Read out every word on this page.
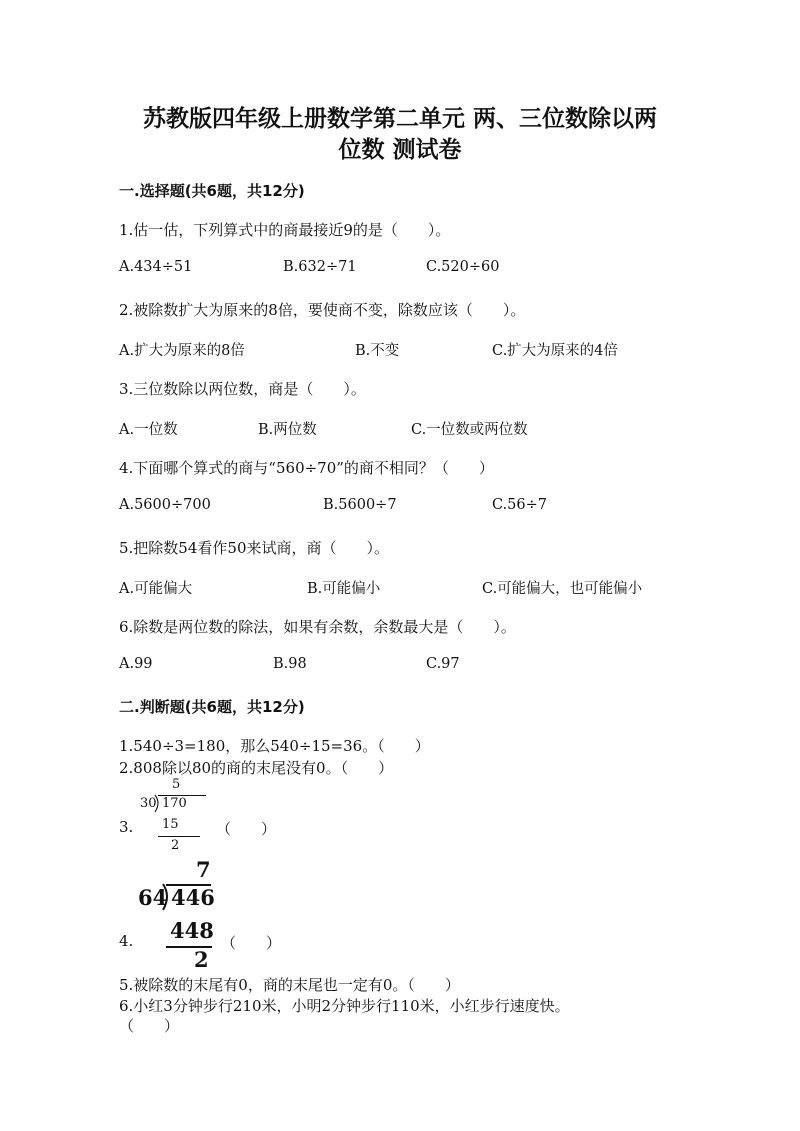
苏教版四年级上册数学第二单元 两、三位数除以两
位数 测试卷
一.选择题(共6题，共12分)
1.估一估，下列算式中的商最接近9的是（　　）。
A.434÷51	B.632÷71	C.520÷60
2.被除数扩大为原来的8倍，要使商不变，除数应该（　　）。
A.扩大为原来的8倍	B.不变	C.扩大为原来的4倍
3.三位数除以两位数，商是（　　）。
A.一位数	B.两位数	C.一位数或两位数
4.下面哪个算式的商与“560÷70”的商不相同？（　　）
A.5600÷700	B.5600÷7	C.56÷7
5.把除数54看作50来试商，商（　　）。
A.可能偏大	B.可能偏小	C.可能偏大，也可能偏小
6.除数是两位数的除法，如果有余数，余数最大是（　　）。
A.99	B.98	C.97
二.判断题(共6题，共12分)
1.540÷3=180，那么540÷15=36。（　　）
2.808除以80的商的末尾没有0。（　　）
5
30 170
3. 15
2
（　　）
7
64 446
4. 448
2
（　　）
5.被除数的末尾有0，商的末尾也一定有0。（　　）
6.小红3分钟步行210米，小明2分钟步行110米，小红步行速度快。
（　　）
